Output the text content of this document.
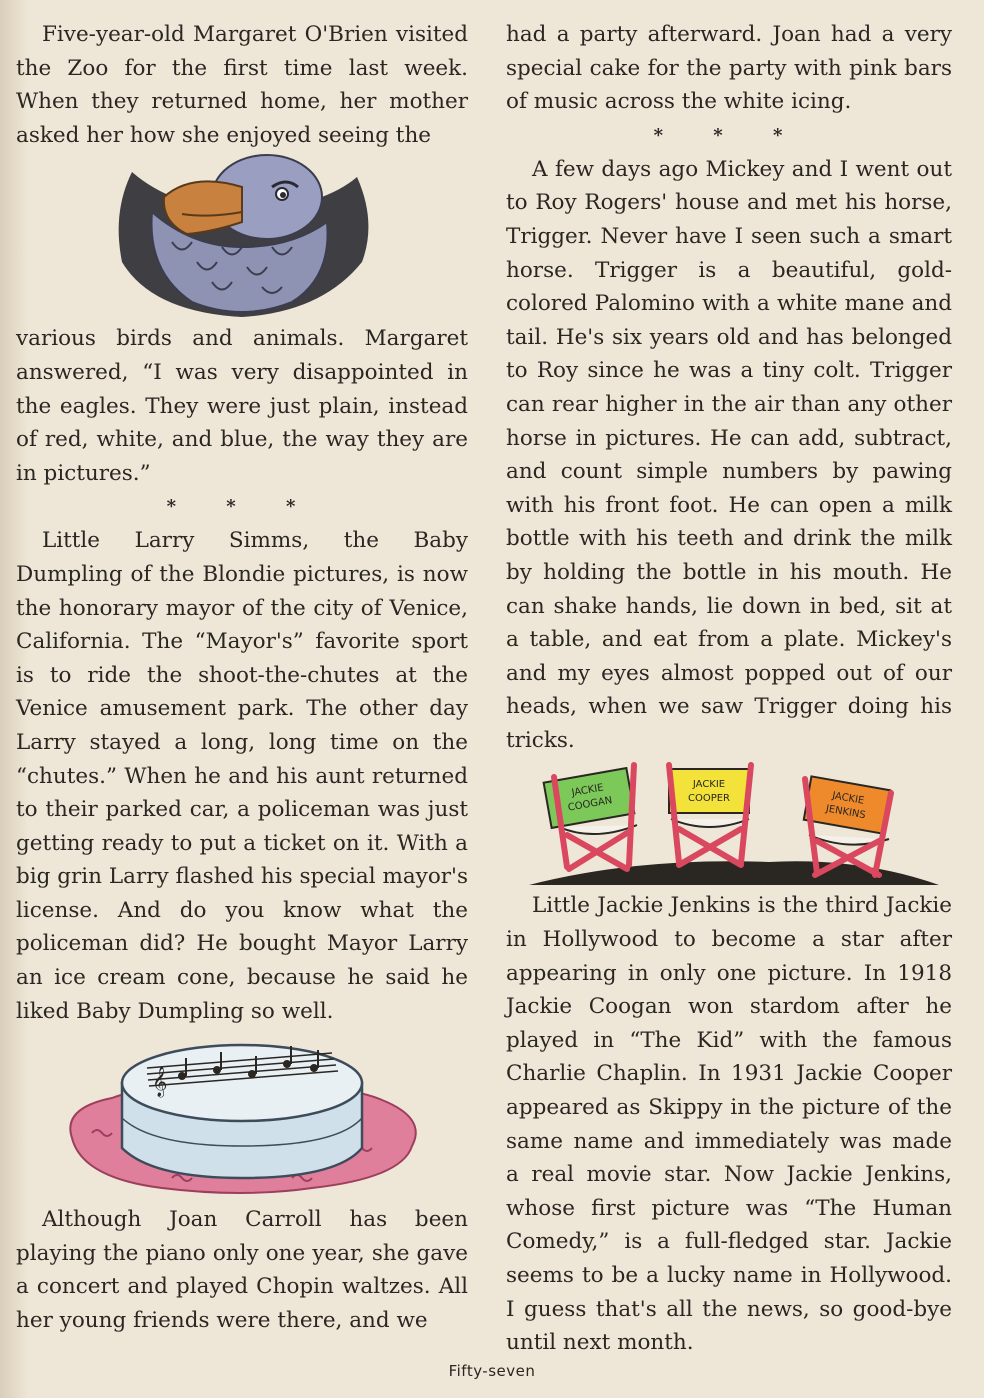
Five-year-old Margaret O'Brien visited the Zoo for the first time last week. When they returned home, her mother asked her how she enjoyed seeing the

various birds and animals. Margaret answered, “I was very disappointed in the eagles. They were just plain, instead of red, white, and blue, the way they are in pictures.”

* * *

Little Larry Simms, the Baby Dumpling of the Blondie pictures, is now the honorary mayor of the city of Venice, California. The “Mayor's” favorite sport is to ride the shoot-the-chutes at the Venice amusement park. The other day Larry stayed a long, long time on the “chutes.” When he and his aunt returned to their parked car, a policeman was just getting ready to put a ticket on it. With a big grin Larry flashed his special mayor's license. And do you know what the policeman did? He bought Mayor Larry an ice cream cone, because he said he liked Baby Dumpling so well.

𝄞

Although Joan Carroll has been playing the piano only one year, she gave a concert and played Chopin waltzes. All her young friends were there, and we

had a party afterward. Joan had a very special cake for the party with pink bars of music across the white icing.

* * *

A few days ago Mickey and I went out to Roy Rogers' house and met his horse, Trigger. Never have I seen such a smart horse. Trigger is a beautiful, gold-colored Palomino with a white mane and tail. He's six years old and has belonged to Roy since he was a tiny colt. Trigger can rear higher in the air than any other horse in pictures. He can add, subtract, and count simple numbers by pawing with his front foot. He can open a milk bottle with his teeth and drink the milk by holding the bottle in his mouth. He can shake hands, lie down in bed, sit at a table, and eat from a plate. Mickey's and my eyes almost popped out of our heads, when we saw Trigger doing his tricks.

JACKIE
COOGAN
JACKIE
COOPER	JACKIE
JENKINS

Little Jackie Jenkins is the third Jackie in Hollywood to become a star after appearing in only one picture. In 1918 Jackie Coogan won stardom after he played in “The Kid” with the famous Charlie Chaplin. In 1931 Jackie Cooper appeared as Skippy in the picture of the same name and immediately was made a real movie star. Now Jackie Jenkins, whose first picture was “The Human Comedy,” is a full-fledged star. Jackie seems to be a lucky name in Hollywood. I guess that's all the news, so good-bye until next month.

Fifty-seven
